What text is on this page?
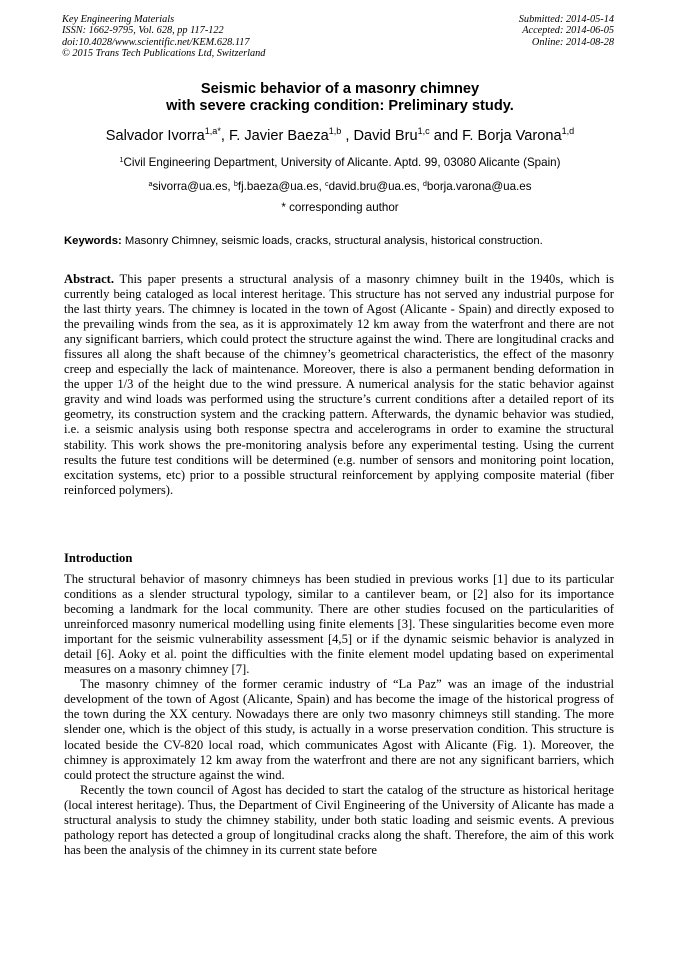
Key Engineering Materials
ISSN: 1662-9795, Vol. 628, pp 117-122
doi:10.4028/www.scientific.net/KEM.628.117
© 2015 Trans Tech Publications Ltd, Switzerland
Submitted: 2014-05-14
Accepted: 2014-06-05
Online: 2014-08-28
Seismic behavior of a masonry chimney
with severe cracking condition: Preliminary study.
Salvador Ivorra$^{1,a*}$, F. Javier Baeza$^{1,b}$ , David Bru$^{1,c}$ and F. Borja Varona$^{1,d}$
$^1$Civil Engineering Department, University of Alicante. Aptd. 99, 03080 Alicante (Spain)
$^a$sivorra@ua.es, $^b$fj.baeza@ua.es, $^c$david.bru@ua.es, $^d$borja.varona@ua.es
* corresponding author
Keywords: Masonry Chimney, seismic loads, cracks, structural analysis, historical construction.
Abstract. This paper presents a structural analysis of a masonry chimney built in the 1940s, which is currently being cataloged as local interest heritage. This structure has not served any industrial purpose for the last thirty years. The chimney is located in the town of Agost (Alicante - Spain) and directly exposed to the prevailing winds from the sea, as it is approximately 12 km away from the waterfront and there are not any significant barriers, which could protect the structure against the wind. There are longitudinal cracks and fissures all along the shaft because of the chimney’s geometrical characteristics, the effect of the masonry creep and especially the lack of maintenance. Moreover, there is also a permanent bending deformation in the upper 1/3 of the height due to the wind pressure. A numerical analysis for the static behavior against gravity and wind loads was performed using the structure’s current conditions after a detailed report of its geometry, its construction system and the cracking pattern. Afterwards, the dynamic behavior was studied, i.e. a seismic analysis using both response spectra and accelerograms in order to examine the structural stability. This work shows the pre-monitoring analysis before any experimental testing. Using the current results the future test conditions will be determined (e.g. number of sensors and monitoring point location, excitation systems, etc) prior to a possible structural reinforcement by applying composite material (fiber reinforced polymers).
Introduction

The structural behavior of masonry chimneys has been studied in previous works [1] due to its particular conditions as a slender structural typology, similar to a cantilever beam, or [2] also for its importance becoming a landmark for the local community. There are other studies focused on the particularities of unreinforced masonry numerical modelling using finite elements [3]. These singularities become even more important for the seismic vulnerability assessment [4,5] or if the dynamic seismic behavior is analyzed in detail [6]. Aoky et al. point the difficulties with the finite element model updating based on experimental measures on a masonry chimney [7].

The masonry chimney of the former ceramic industry of “La Paz” was an image of the industrial development of the town of Agost (Alicante, Spain) and has become the image of the historical progress of the town during the XX century. Nowadays there are only two masonry chimneys still standing. The more slender one, which is the object of this study, is actually in a worse preservation condition. This structure is located beside the CV-820 local road, which communicates Agost with Alicante (Fig. 1). Moreover, the chimney is approximately 12 km away from the waterfront and there are not any significant barriers, which could protect the structure against the wind.

Recently the town council of Agost has decided to start the catalog of the structure as historical heritage (local interest heritage). Thus, the Department of Civil Engineering of the University of Alicante has made a structural analysis to study the chimney stability, under both static loading and seismic events. A previous pathology report has detected a group of longitudinal cracks along the shaft. Therefore, the aim of this work has been the analysis of the chimney in its current state before
